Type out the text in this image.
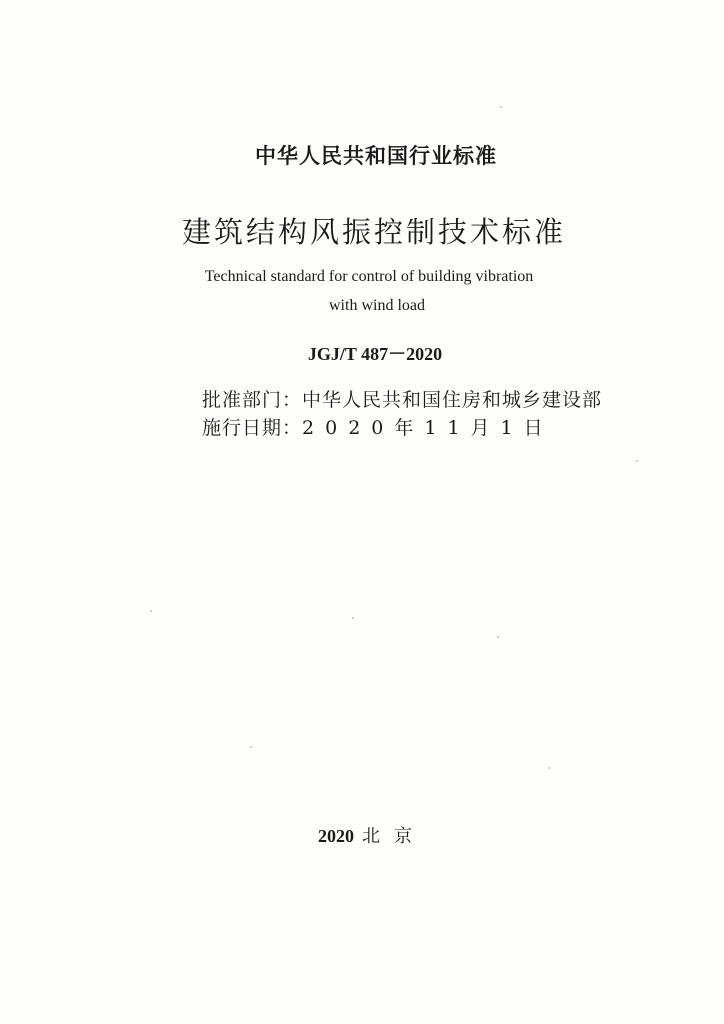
中华人民共和国行业标准
建筑结构风振控制技术标准
Technical standard for control of building vibration
with wind load
JGJ/T 487－2020
批准部门：中华人民共和国住房和城乡建设部
施行日期：2020年11月1日
2020 北京
